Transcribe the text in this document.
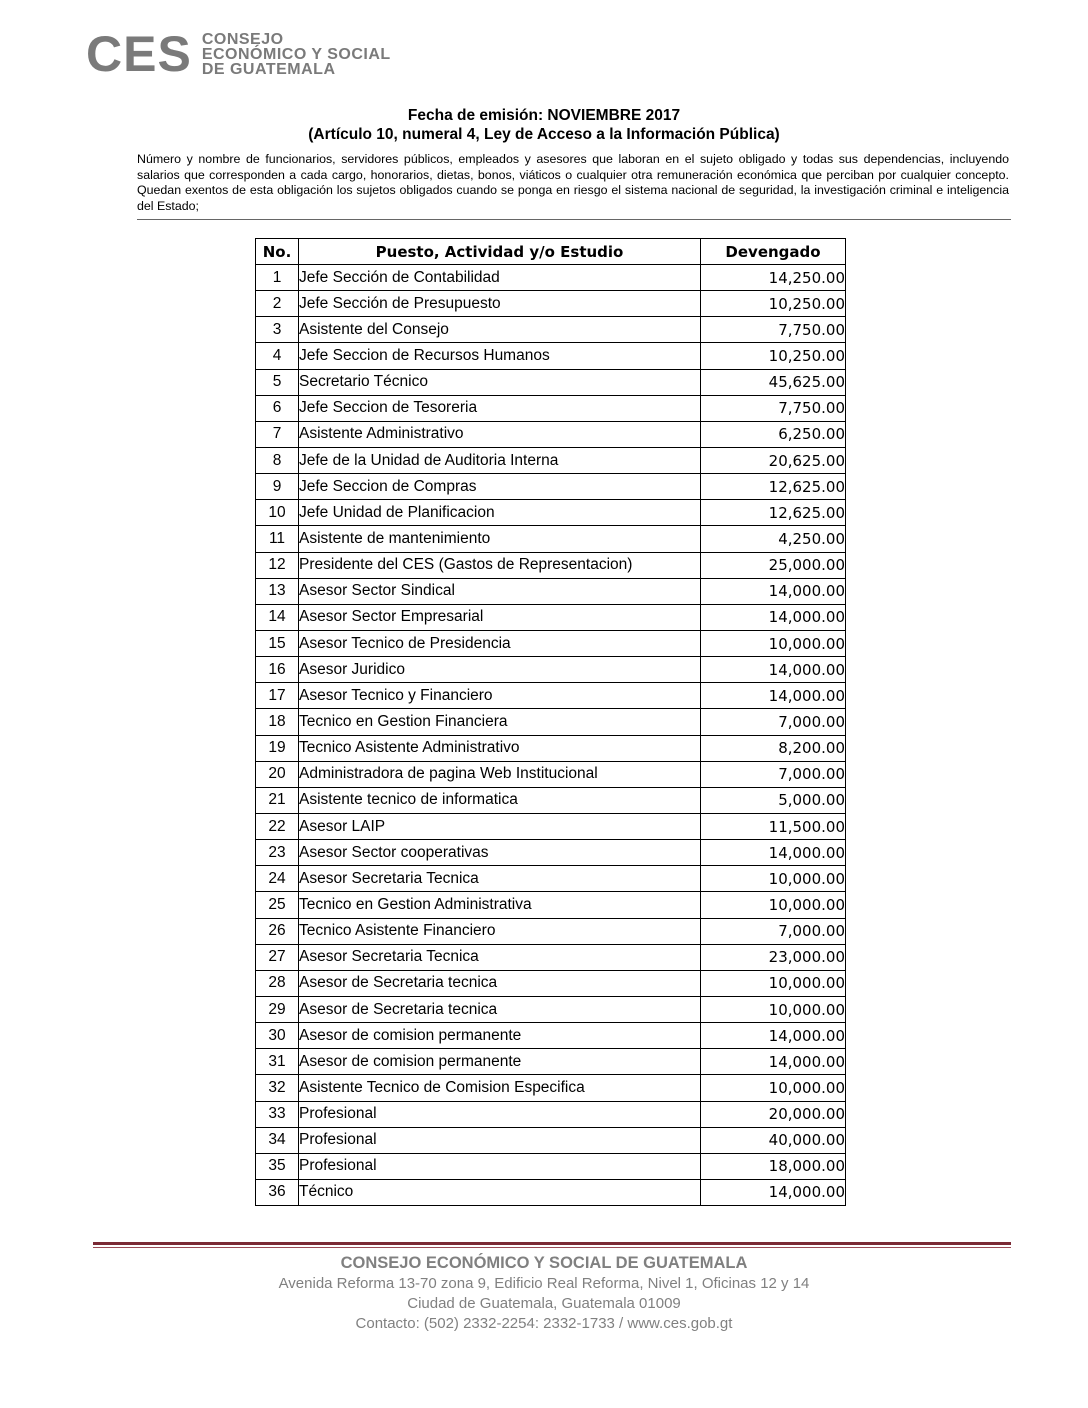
CES CONSEJO
ECONÓMICO Y SOCIAL
DE GUATEMALA
Fecha de emisión: NOVIEMBRE 2017
(Artículo 10, numeral 4, Ley de Acceso a la Información Pública)
Número y nombre de funcionarios, servidores públicos, empleados y asesores que laboran en el sujeto obligado y todas sus dependencias, incluyendo salarios que corresponden a cada cargo, honorarios, dietas, bonos, viáticos o cualquier otra remuneración económica que perciban por cualquier concepto. Quedan exentos de esta obligación los sujetos obligados cuando se ponga en riesgo el sistema nacional de seguridad, la investigación criminal e inteligencia del Estado;
No.	Puesto, Actividad y/o Estudio	Devengado
1	Jefe Sección de Contabilidad	14,250.00
2	Jefe Sección de Presupuesto	10,250.00
3	Asistente del Consejo	7,750.00
4	Jefe Seccion de Recursos Humanos	10,250.00
5	Secretario Técnico	45,625.00
6	Jefe Seccion de Tesoreria	7,750.00
7	Asistente Administrativo	6,250.00
8	Jefe de la Unidad de Auditoria Interna	20,625.00
9	Jefe Seccion de Compras	12,625.00
10	Jefe Unidad de Planificacion	12,625.00
11	Asistente de mantenimiento	4,250.00
12	Presidente del CES (Gastos de Representacion)	25,000.00
13	Asesor Sector Sindical	14,000.00
14	Asesor Sector Empresarial	14,000.00
15	Asesor Tecnico de Presidencia	10,000.00
16	Asesor Juridico	14,000.00
17	Asesor Tecnico y Financiero	14,000.00
18	Tecnico en Gestion Financiera	7,000.00
19	Tecnico Asistente Administrativo	8,200.00
20	Administradora de pagina Web Institucional	7,000.00
21	Asistente tecnico de informatica	5,000.00
22	Asesor LAIP	11,500.00
23	Asesor Sector cooperativas	14,000.00
24	Asesor Secretaria Tecnica	10,000.00
25	Tecnico en Gestion Administrativa	10,000.00
26	Tecnico Asistente Financiero	7,000.00
27	Asesor Secretaria Tecnica	23,000.00
28	Asesor de Secretaria tecnica	10,000.00
29	Asesor de Secretaria tecnica	10,000.00
30	Asesor de comision permanente	14,000.00
31	Asesor de comision permanente	14,000.00
32	Asistente Tecnico de Comision Especifica	10,000.00
33	Profesional	20,000.00
34	Profesional	40,000.00
35	Profesional	18,000.00
36	Técnico	14,000.00
CONSEJO ECONÓMICO Y SOCIAL DE GUATEMALA
Avenida Reforma 13-70 zona 9, Edificio Real Reforma, Nivel 1, Oficinas 12 y 14
Ciudad de Guatemala, Guatemala 01009
Contacto: (502) 2332-2254: 2332-1733 / www.ces.gob.gt
